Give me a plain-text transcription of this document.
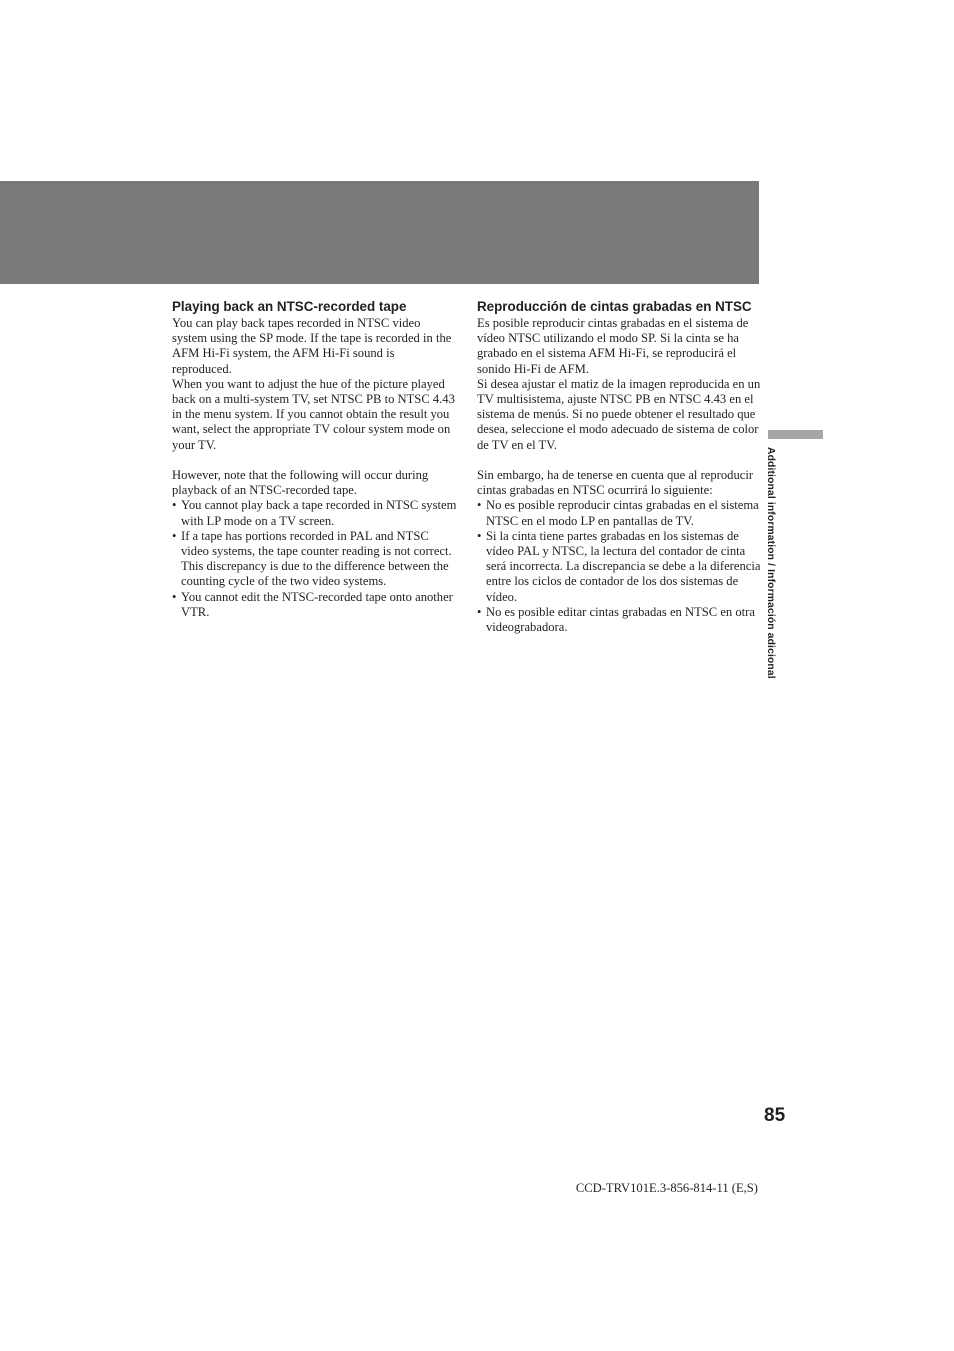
Playing back an NTSC-recorded tape

You can play back tapes recorded in NTSC video system using the SP mode. If the tape is recorded in the AFM Hi-Fi system, the AFM Hi-Fi sound is reproduced.

When you want to adjust the hue of the picture played back on a multi-system TV, set NTSC PB to NTSC 4.43 in the menu system. If you cannot obtain the result you want, select the appropriate TV colour system mode on your TV.

However, note that the following will occur during playback of an NTSC-recorded tape.

• You cannot play back a tape recorded in NTSC system with LP mode on a TV screen.
• If a tape has portions recorded in PAL and NTSC video systems, the tape counter reading is not correct. This discrepancy is due to the difference between the counting cycle of the two video systems.
• You cannot edit the NTSC-recorded tape onto another VTR.
Reproducción de cintas grabadas en NTSC

Es posible reproducir cintas grabadas en el sistema de vídeo NTSC utilizando el modo SP. Si la cinta se ha grabado en el sistema AFM Hi-Fi, se reproducirá el sonido Hi-Fi de AFM.

Si desea ajustar el matiz de la imagen reproducida en un TV multisistema, ajuste NTSC PB en NTSC 4.43 en el sistema de menús. Si no puede obtener el resultado que desea, seleccione el modo adecuado de sistema de color de TV en el TV.

Sin embargo, ha de tenerse en cuenta que al reproducir cintas grabadas en NTSC ocurrirá lo siguiente:

• No es posible reproducir cintas grabadas en el sistema NTSC en el modo LP en pantallas de TV.
• Si la cinta tiene partes grabadas en los sistemas de vídeo PAL y NTSC, la lectura del contador de cinta será incorrecta. La discrepancia se debe a la diferencia entre los ciclos de contador de los dos sistemas de vídeo.
• No es posible editar cintas grabadas en NTSC en otra videograbadora.	Additional information / Información adicional
85
CCD-TRV101E.3-856-814-11 (E,S)
